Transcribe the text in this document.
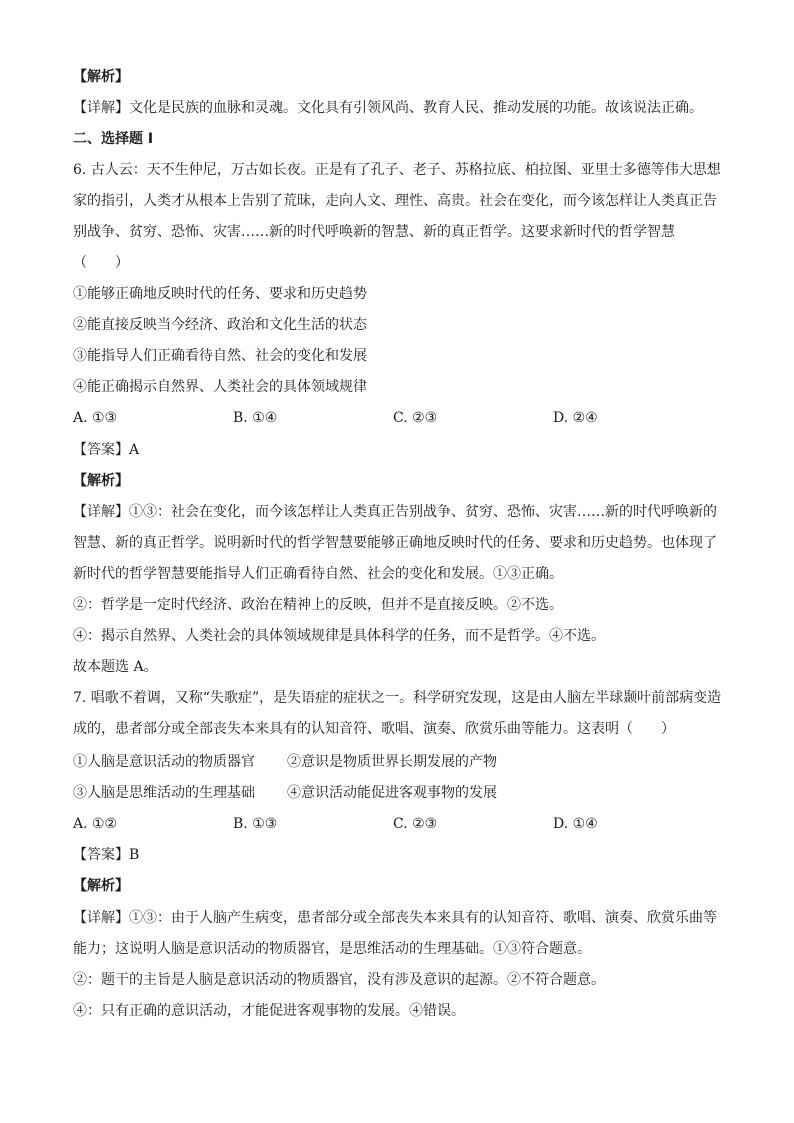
【解析】
【详解】文化是民族的血脉和灵魂。文化具有引领风尚、教育人民、推动发展的功能。故该说法正确。
二、选择题 I
6. 古人云：天不生仲尼，万古如长夜。正是有了孔子、老子、苏格拉底、柏拉图、亚里士多德等伟大思想
家的指引，人类才从根本上告别了荒昧，走向人文、理性、高贵。社会在变化，而今该怎样让人类真正告
别战争、贫穷、恐怖、灾害……新的时代呼唤新的智慧、新的真正哲学。这要求新时代的哲学智慧
（　　）
①能够正确地反映时代的任务、要求和历史趋势
②能直接反映当今经济、政治和文化生活的状态
③能指导人们正确看待自然、社会的变化和发展
④能正确揭示自然界、人类社会的具体领域规律
A. ①③	B. ①④	C. ②③	D. ②④
【答案】A
【解析】
【详解】①③：社会在变化，而今该怎样让人类真正告别战争、贫穷、恐怖、灾害……新的时代呼唤新的
智慧、新的真正哲学。说明新时代的哲学智慧要能够正确地反映时代的任务、要求和历史趋势。也体现了
新时代的哲学智慧要能指导人们正确看待自然、社会的变化和发展。①③正确。
②：哲学是一定时代经济、政治在精神上的反映，但并不是直接反映。②不选。
④：揭示自然界、人类社会的具体领域规律是具体科学的任务，而不是哲学。④不选。
故本题选 A。
7. 唱歌不着调，又称“失歌症”，是失语症的症状之一。科学研究发现，这是由人脑左半球颞叶前部病变造
成的，患者部分或全部丧失本来具有的认知音符、歌唱、演奏、欣赏乐曲等能力。这表明（　　）
①人脑是意识活动的物质器官 ②意识是物质世界长期发展的产物
③人脑是思维活动的生理基础 ④意识活动能促进客观事物的发展
A. ①②	B. ①③	C. ②③	D. ①④
【答案】B
【解析】
【详解】①③：由于人脑产生病变，患者部分或全部丧失本来具有的认知音符、歌唱、演奏、欣赏乐曲等
能力；这说明人脑是意识活动的物质器官，是思维活动的生理基础。①③符合题意。
②：题干的主旨是人脑是意识活动的物质器官，没有涉及意识的起源。②不符合题意。
④：只有正确的意识活动，才能促进客观事物的发展。④错误。
